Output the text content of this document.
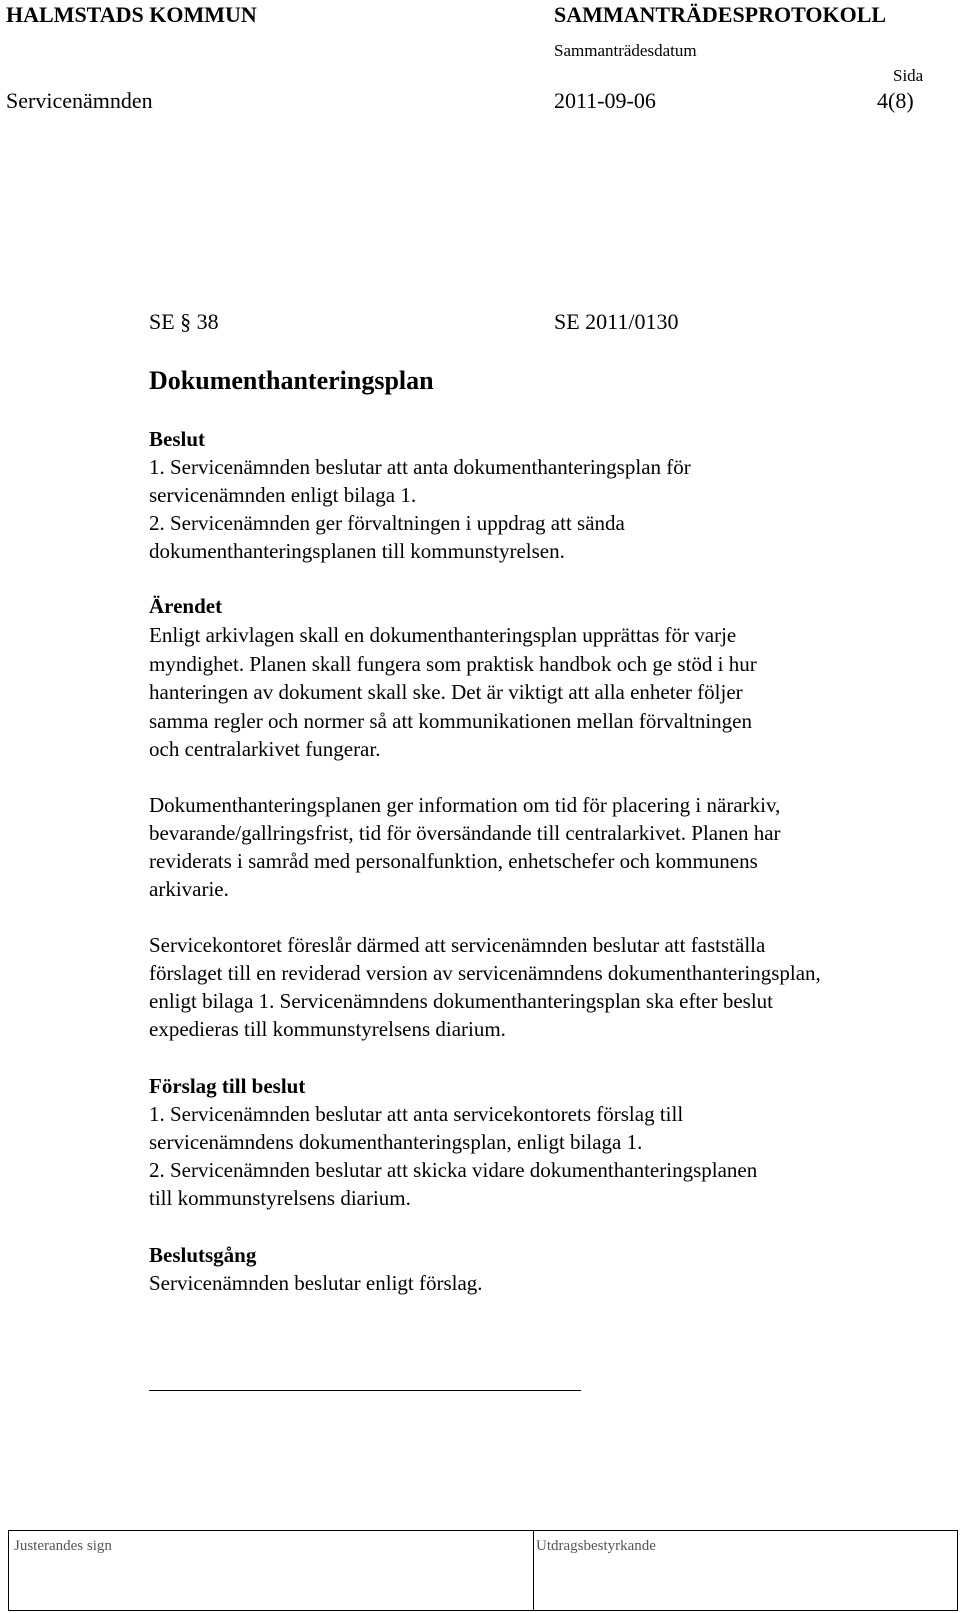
HALMSTADS KOMMUN	SAMMANTRÄDESPROTOKOLL
Sammanträdesdatum
Sida
Servicenämnden	2011-09-06	4(8)
SE § 38	SE 2011/0130
Dokumenthanteringsplan
Beslut
1. Servicenämnden beslutar att anta dokumenthanteringsplan för
servicenämnden enligt bilaga 1.
2. Servicenämnden ger förvaltningen i uppdrag att sända
dokumenthanteringsplanen till kommunstyrelsen.
Ärendet
Enligt arkivlagen skall en dokumenthanteringsplan upprättas för varje
myndighet. Planen skall fungera som praktisk handbok och ge stöd i hur
hanteringen av dokument skall ske. Det är viktigt att alla enheter följer
samma regler och normer så att kommunikationen mellan förvaltningen
och centralarkivet fungerar.
Dokumenthanteringsplanen ger information om tid för placering i närarkiv,
bevarande/gallringsfrist, tid för översändande till centralarkivet. Planen har
reviderats i samråd med personalfunktion, enhetschefer och kommunens
arkivarie.
Servicekontoret föreslår därmed att servicenämnden beslutar att fastställa
förslaget till en reviderad version av servicenämndens dokumenthanteringsplan,
enligt bilaga 1. Servicenämndens dokumenthanteringsplan ska efter beslut
expedieras till kommunstyrelsens diarium.
Förslag till beslut
1. Servicenämnden beslutar att anta servicekontorets förslag till
servicenämndens dokumenthanteringsplan, enligt bilaga 1.
2. Servicenämnden beslutar att skicka vidare dokumenthanteringsplanen
till kommunstyrelsens diarium.
Beslutsgång
Servicenämnden beslutar enligt förslag.
Justerandes sign	Utdragsbestyrkande
